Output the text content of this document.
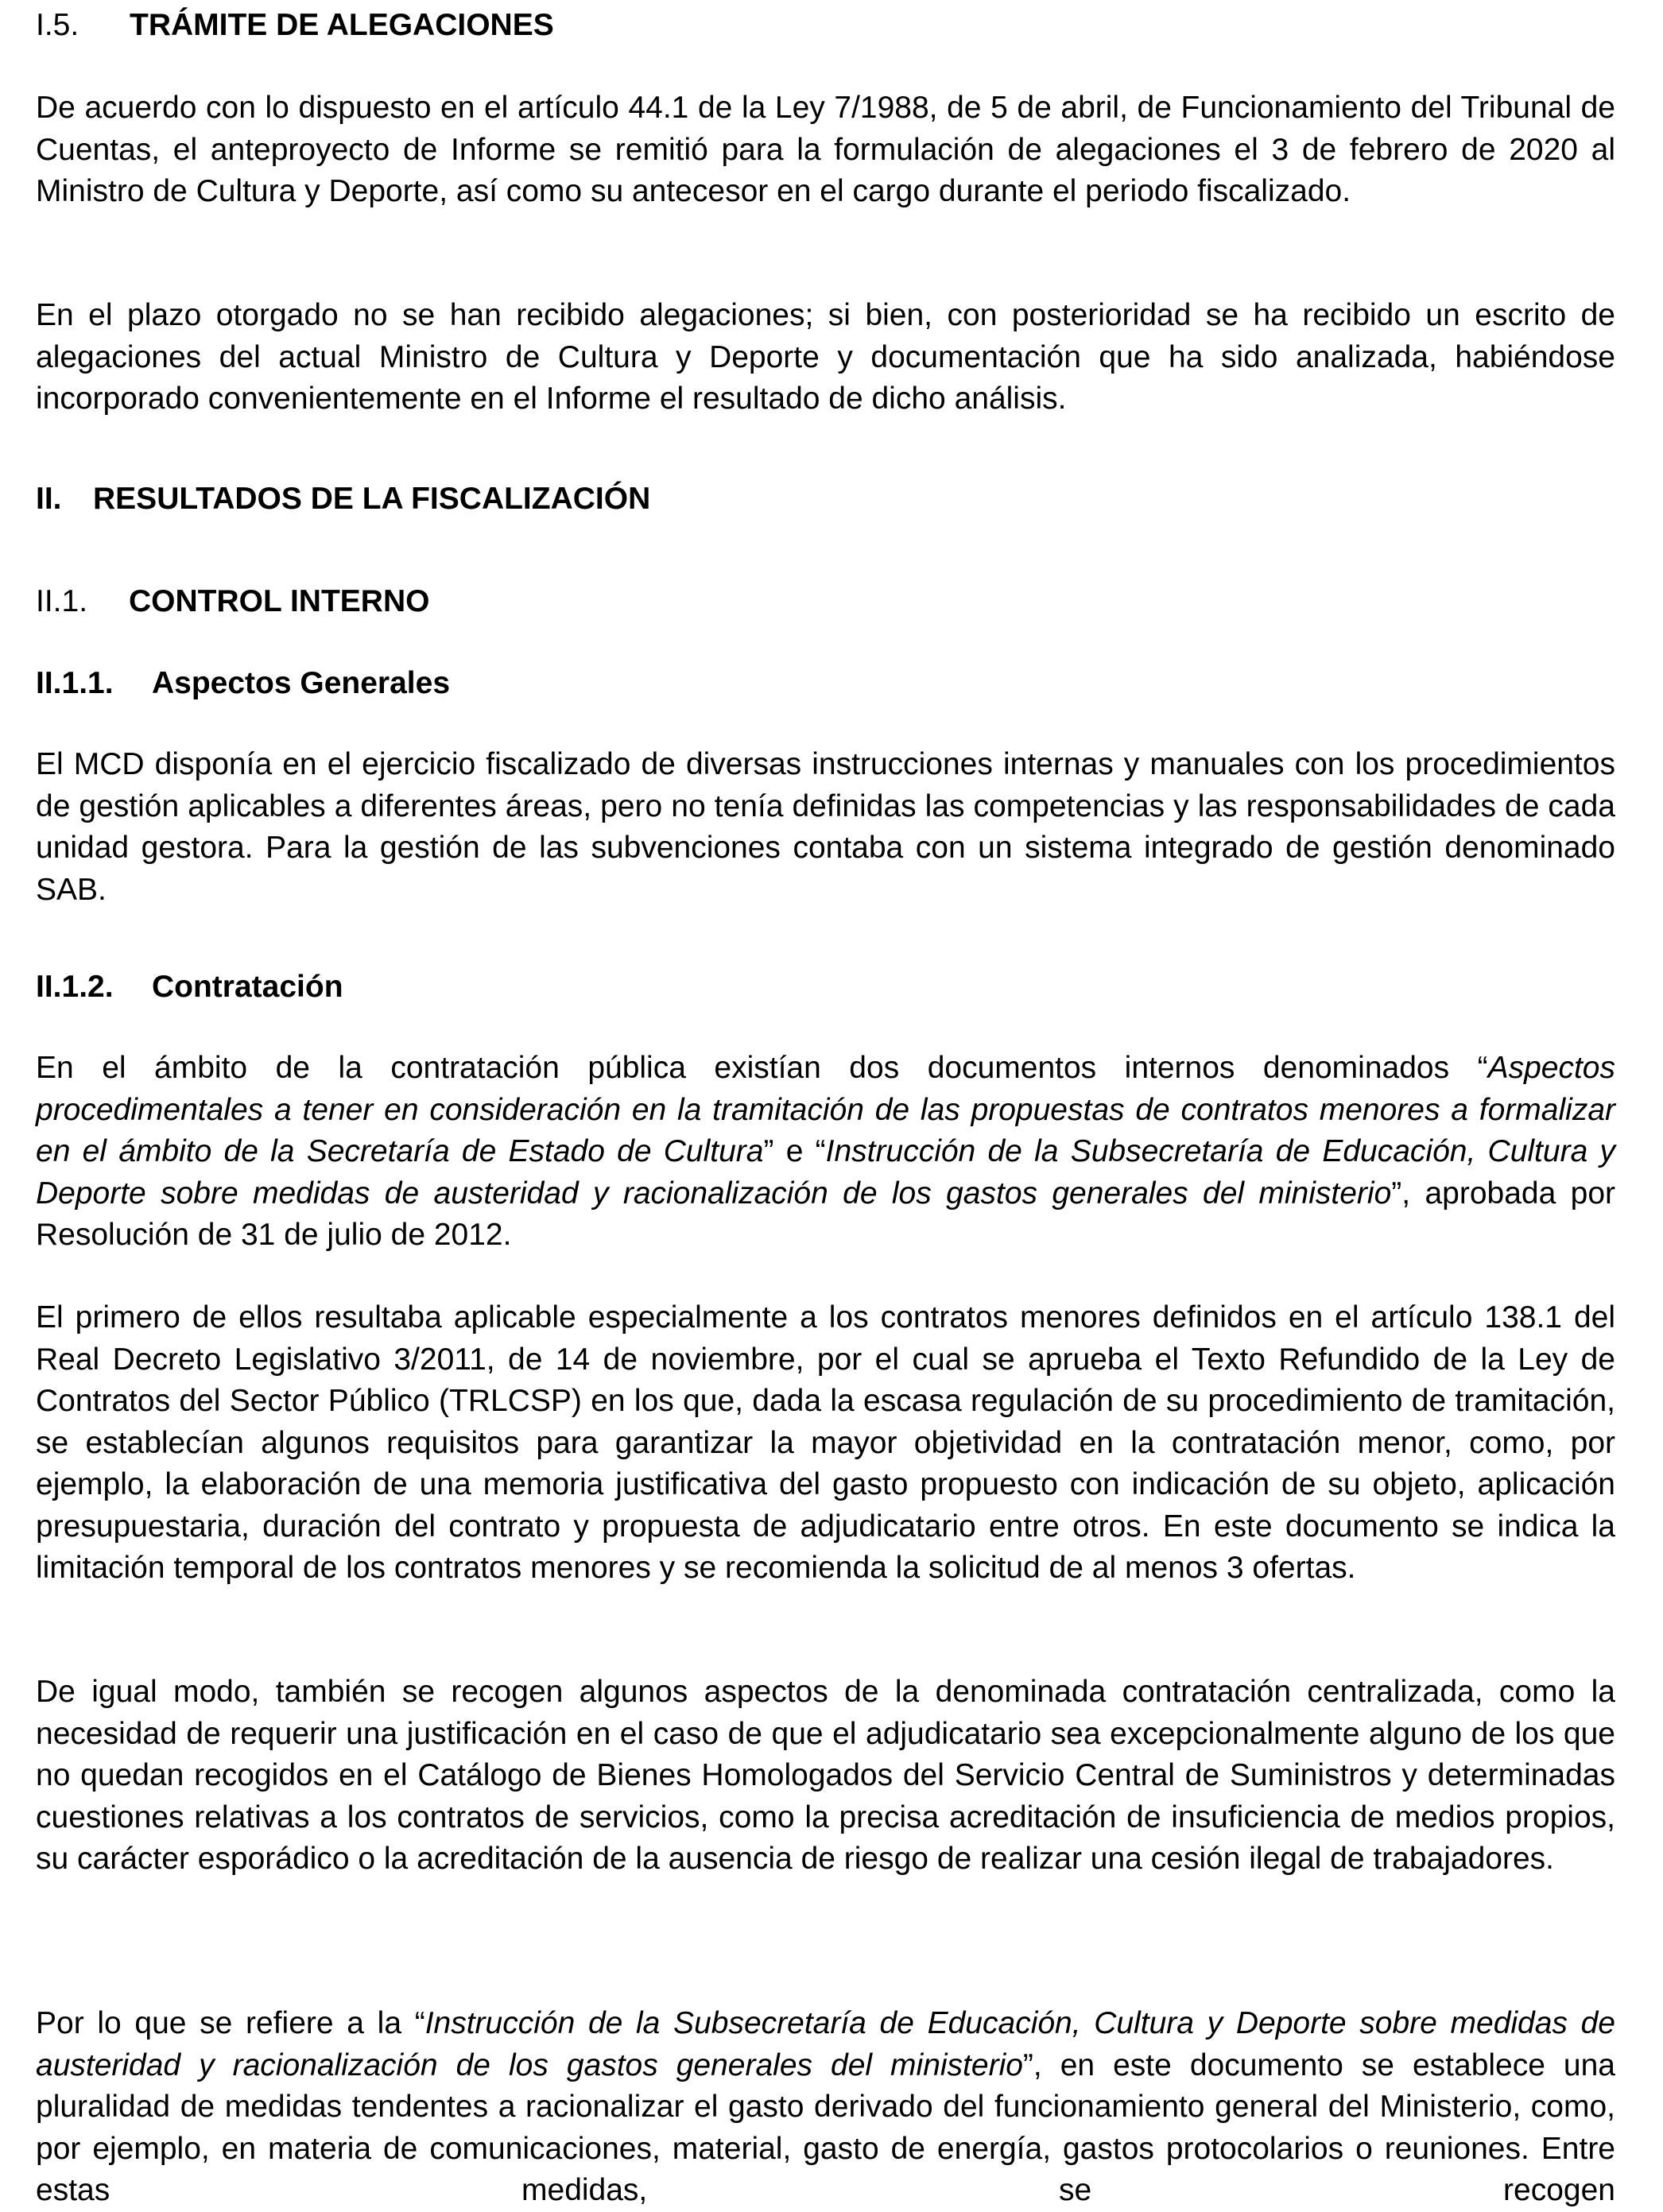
I.5. TRÁMITE DE ALEGACIONES

De acuerdo con lo dispuesto en el artículo 44.1 de la Ley 7/1988, de 5 de abril, de Funcionamiento del Tribunal de Cuentas, el anteproyecto de Informe se remitió para la formulación de alegaciones el 3 de febrero de 2020 al Ministro de Cultura y Deporte, así como su antecesor en el cargo durante el periodo fiscalizado.

En el plazo otorgado no se han recibido alegaciones; si bien, con posterioridad se ha recibido un escrito de alegaciones del actual Ministro de Cultura y Deporte y documentación que ha sido analizada, habiéndose incorporado convenientemente en el Informe el resultado de dicho análisis.

II. RESULTADOS DE LA FISCALIZACIÓN
II.1. CONTROL INTERNO
II.1.1. Aspectos Generales

El MCD disponía en el ejercicio fiscalizado de diversas instrucciones internas y manuales con los procedimientos de gestión aplicables a diferentes áreas, pero no tenía definidas las competencias y las responsabilidades de cada unidad gestora. Para la gestión de las subvenciones contaba con un sistema integrado de gestión denominado SAB.

II.1.2. Contratación

En el ámbito de la contratación pública existían dos documentos internos denominados “Aspectos procedimentales a tener en consideración en la tramitación de las propuestas de contratos menores a formalizar en el ámbito de la Secretaría de Estado de Cultura” e “Instrucción de la Subsecretaría de Educación, Cultura y Deporte sobre medidas de austeridad y racionalización de los gastos generales del ministerio”, aprobada por Resolución de 31 de julio de 2012.

El primero de ellos resultaba aplicable especialmente a los contratos menores definidos en el artículo 138.1 del Real Decreto Legislativo 3/2011, de 14 de noviembre, por el cual se aprueba el Texto Refundido de la Ley de Contratos del Sector Público (TRLCSP) en los que, dada la escasa regulación de su procedimiento de tramitación, se establecían algunos requisitos para garantizar la mayor objetividad en la contratación menor, como, por ejemplo, la elaboración de una memoria justificativa del gasto propuesto con indicación de su objeto, aplicación presupuestaria, duración del contrato y propuesta de adjudicatario entre otros. En este documento se indica la limitación temporal de los contratos menores y se recomienda la solicitud de al menos 3 ofertas.

De igual modo, también se recogen algunos aspectos de la denominada contratación centralizada, como la necesidad de requerir una justificación en el caso de que el adjudicatario sea excepcionalmente alguno de los que no quedan recogidos en el Catálogo de Bienes Homologados del Servicio Central de Suministros y determinadas cuestiones relativas a los contratos de servicios, como la precisa acreditación de insuficiencia de medios propios, su carácter esporádico o la acreditación de la ausencia de riesgo de realizar una cesión ilegal de trabajadores.

Por lo que se refiere a la “Instrucción de la Subsecretaría de Educación, Cultura y Deporte sobre medidas de austeridad y racionalización de los gastos generales del ministerio”, en este documento se establece una pluralidad de medidas tendentes a racionalizar el gasto derivado del funcionamiento general del Ministerio, como, por ejemplo, en materia de comunicaciones, material, gasto de energía, gastos protocolarios o reuniones. Entre estas medidas, se recogen
